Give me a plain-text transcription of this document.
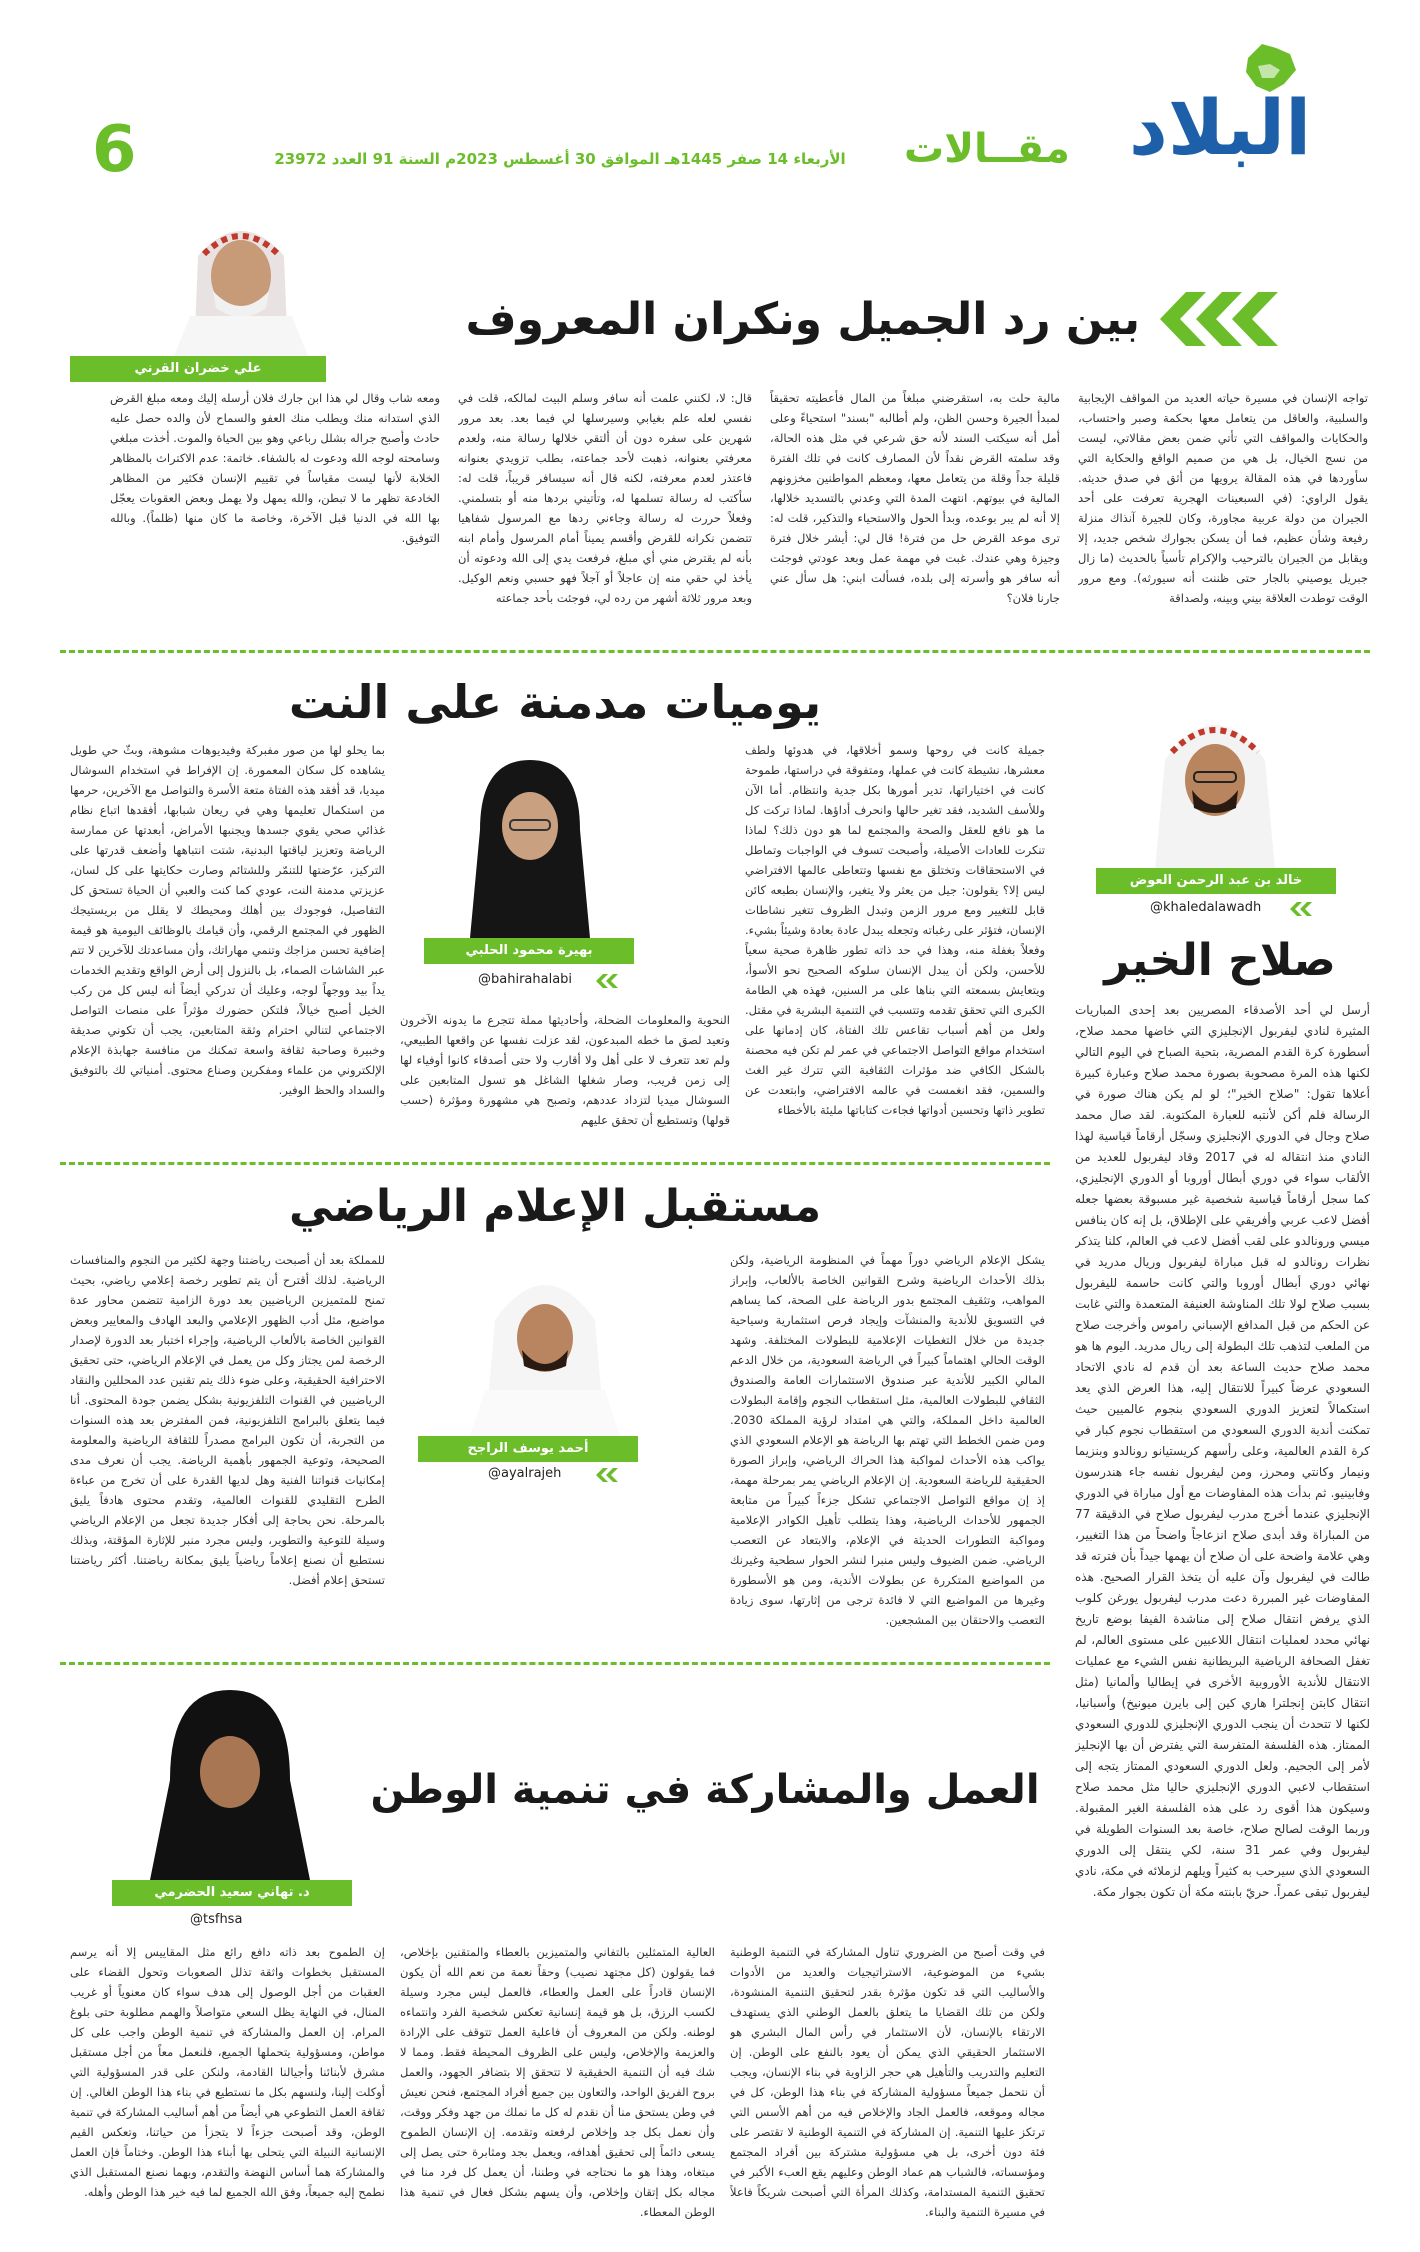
6	الأربعاء 14 صفر 1445هـ الموافق 30 أغسطس 2023م السنة 91 العدد 23972	مقــالات البلاد
علي خضران القرني
بين رد الجميل ونكران المعروف
تواجه الإنسان في مسيرة حياته العديد من المواقف الإيجابية والسلبية، والعاقل من يتعامل معها بحكمة وصبر واحتساب، والحكايات والمواقف التي تأتي ضمن بعض مقالاتي، ليست من نسج الخيال، بل هي من صميم الواقع والحكاية التي سأوردها في هذه المقالة يرويها من أثق في صدق حديثه. يقول الراوي: (في السبعينات الهجرية تعرفت على أحد الجيران من دولة عربية مجاورة، وكان للجيرة آنذاك منزلة رفيعة وشأن عظيم، فما أن يسكن بجوارك شخص جديد، إلا ويقابل من الجيران بالترحيب والإكرام تأسياً بالحديث (ما زال جبريل يوصيني بالجار حتى ظننت أنه سيورثه). ومع مرور الوقت توطدت العلاقة بيني وبينه، ولصداقة
مالية حلت به، استقرضني مبلغاً من المال فأعطيته تحقيقاً لمبدأ الجيرة وحسن الظن، ولم أطالبه "بسند" استحياءً وعلى أمل أنه سيكتب السند لأنه حق شرعي في مثل هذه الحالة، وقد سلمته القرض نقداً لأن المصارف كانت في تلك الفترة قليلة جداً وقلة من يتعامل معها، ومعظم المواطنين مخزونهم المالية في بيوتهم. انتهت المدة التي وعدني بالتسديد خلالها، إلا أنه لم يبر بوعده، وبدأ الحول والاستحياء والتذكير، قلت له: ترى موعد القرض حل من فترة! قال لي: أيشر خلال فترة وجيزة وهي عندك. غبت في مهمة عمل وبعد عودتي فوجئت أنه سافر هو وأسرته إلى بلده، فسألت ابني: هل سأل عني جارنا فلان؟
قال: لا، لكنني علمت أنه سافر وسلم البيت لمالكه، قلت في نفسي لعله علم بغيابي وسيرسلها لي فيما بعد. بعد مرور شهرين على سفره دون أن ألتقي خلالها رسالة منه، ولعدم معرفتي بعنوانه، ذهبت لأحد جماعته، بطلب تزويدي بعنوانه فاعتذر لعدم معرفته، لكنه قال أنه سيسافر قريباً، قلت له: سأكتب له رسالة تسلمها له، وتأتيني بردها منه أو بتسلمني. وفعلاً حررت له رسالة وجاءني ردها مع المرسول شفاهيا تتضمن نكرانه للقرض وأقسم يميناً أمام المرسول وأمام ابنه بأنه لم يقترض مني أي مبلغ، فرفعت يدي إلى الله ودعوته أن يأخذ لي حقي منه إن عاجلاً أو آجلاً فهو حسبي ونعم الوكيل. وبعد مرور ثلاثة أشهر من رده لي، فوجئت بأحد جماعته
ومعه شاب وقال لي هذا ابن جارك فلان أرسله إليك ومعه مبلغ القرض الذي استدانه منك ويطلب منك العفو والسماح لأن والده حصل عليه حادث وأصبح جراله بشلل رباعي وهو بين الحياة والموت. أخذت مبلغي وسامحته لوجه الله ودعوت له بالشفاء. خاتمة: عدم الاكتراث بالمظاهر الخلابة لأنها ليست مقياساً في تقييم الإنسان فكثير من المظاهر الخادعة تظهر ما لا تبطن، والله يمهل ولا يهمل وبعض العقوبات يعجّل بها الله في الدنيا قبل الآخرة، وخاصة ما كان منها (ظلماً). وبالله التوفيق.
يوميات مدمنة على النت
جميلة كانت في روحها وسمو أخلاقها، في هدوئها ولطف معشرها، نشيطة كانت في عملها، ومتفوقة في دراستها، طموحة كانت في اختياراتها، تدير أمورها بكل جدية وانتظام. أما الآن وللأسف الشديد، فقد تغير حالها وانحرف أداؤها. لماذا تركت كل ما هو نافع للعقل والصحة والمجتمع لما هو دون ذلك؟ لماذا تنكرت للعادات الأصيلة، وأصبحت تسوف في الواجبات وتماطل في الاستحقاقات وتختلق مع نفسها وتتعاطى عالمها الافتراضي ليس إلا؟ يقولون: جيل من يعثر ولا يتغير، والإنسان بطبعه كائن قابل للتغيير ومع مرور الزمن وتبدل الظروف تتغير نشاطات الإنسان، فتؤثر على رغباته وتجعله يبدل عادة بعادة وشيئاً بشيء. وفعلاً بغفلة منه، وهذا في حد ذاته تطور ظاهرة صحية سعياً للأحسن، ولكن أن يبدل الإنسان سلوكه الصحيح نحو الأسوأ، ويتعايش بسمعته التي بناها على مر السنين، فهذه هي الطامة الكبرى التي تحقق تقدمه وتتسبب في التنمية البشرية في مقتل. ولعل من أهم أسباب تقاعس تلك الفتاة، كان إدمانها على استخدام مواقع التواصل الاجتماعي في عمر لم تكن فيه محصنة بالشكل الكافي ضد مؤثرات الثقافية التي تترك غير الغث والسمين، فقد انغمست في عالمه الافتراضي، وابتعدت عن تطوير ذاتها وتحسين أدواتها فجاءت كتاباتها مليئة بالأخطاء
بهيرة محمود الحلبي
@bahirahalabi
النحوية والمعلومات الضحلة، وأحاديثها مملة تتجرع ما يدونه الآخرون وتعيد لصق ما خطه المبدعون، لقد عزلت نفسها عن واقعها الطبيعي، ولم تعد تتعرف لا على أهل ولا أقارب ولا حتى أصدقاء كانوا أوفياء لها إلى زمن قريب، وصار شغلها الشاغل هو تسول المتابعين على السوشال ميديا لتزداد عددهم، وتصبح هي مشهورة ومؤثرة (حسب قولها) وتستطيع أن تحقق عليهم
بما يحلو لها من صور مفبركة وفيديوهات مشوهة، وبثّ حي طويل يشاهده كل سكان المعمورة. إن الإفراط في استخدام السوشال ميديا، قد أفقد هذه الفتاة متعة الأسرة والتواصل مع الآخرين، حرمها من استكمال تعليمها وهي في ريعان شبابها، أفقدها اتباع نظام غذائي صحي يقوي جسدها ويجنبها الأمراض، أبعدتها عن ممارسة الرياضة وتعزيز لياقتها البدنية، شتت انتباهها وأضعف قدرتها على التركيز، عرّضتها للتنمّر وللشتائم وصارت حكايتها على كل لسان، عزيزتي مدمنة النت، عودي كما كنت والعبي أن الحياة تستحق كل التفاصيل، فوجودك بين أهلك ومحيطك لا يقلل من بريستيجك الظهور في المجتمع الرقمي، وأن قيامك بالوظائف اليومية هو قيمة إضافية تحسن مزاجك وتنمي مهاراتك، وأن مساعدتك للآخرين لا تتم عبر الشاشات الصماء، بل بالنزول إلى أرض الواقع وتقديم الخدمات يداً بيد ووجهاً لوجه، وعليك أن تدركي أيضاً أنه ليس كل من ركب الخيل أصبح خيالاً، فلتكن حضورك مؤثراً على منصات التواصل الاجتماعي لتنالي احترام وثقة المتابعين، يجب أن تكوني صديقة وخبيرة وصاحبة ثقافة واسعة تمكنك من منافسة جهابذة الإعلام الإلكتروني من علماء ومفكرين وصناع محتوى. أمنياتي لك بالتوفيق والسداد والحظ الوفير.
خالد بن عبد الرحمن العوض
@khaledalawadh
صلاح الخير
أرسل لي أحد الأصدقاء المصريين بعد إحدى المباريات المثيرة لنادي ليفربول الإنجليزي التي خاضها محمد صلاح، أسطورة كرة القدم المصرية، بتحية الصباح في اليوم التالي لكنها هذه المرة مصحوبة بصورة محمد صلاح وعبارة كبيرة أعلاها تقول: "صلاح الخير"؛ لو لم يكن هناك صورة في الرسالة فلم أكن لأنتبه للعبارة المكتوبة. لقد صال محمد صلاح وجال في الدوري الإنجليزي وسجّل أرقاماً قياسية لهذا النادي منذ انتقاله له في 2017 وقاد ليفربول للعديد من الألقاب سواء في دوري أبطال أوروبا أو الدوري الإنجليزي، كما سجل أرقاماً قياسية شخصية غير مسبوقة بعضها جعله أفضل لاعب عربي وأفريقي على الإطلاق، بل إنه كان ينافس ميسي ورونالدو على لقب أفضل لاعب في العالم، كلنا يتذكر نظرات رونالدو له قبل مباراة ليفربول وريال مدريد في نهائي دوري أبطال أوروبا والتي كانت حاسمة لليفربول بسبب صلاح لولا تلك المناوشة العنيفة المتعمدة والتي غابت عن الحكم من قبل المدافع الإسباني راموس وأخرجت صلاح من الملعب لتذهب تلك البطولة إلى ريال مدريد. اليوم ها هو محمد صلاح حديث الساعة بعد أن قدم له نادي الاتحاد السعودي عرضاً كبيراً للانتقال إليه، هذا العرض الذي يعد استكمالاً لتعزيز الدوري السعودي بنجوم عالميين حيث تمكنت أندية الدوري السعودي من استقطاب نجوم كبار في كرة القدم العالمية، وعلى رأسهم كريستيانو رونالدو وبنزيما ونيمار وكانتي ومحرز، ومن ليفربول نفسه جاء هندرسون وفابينيو. ثم بدأت هذه المفاوضات مع أول مباراة في الدوري الإنجليزي عندما أخرج مدرب ليفربول صلاح في الدقيقة 77 من المباراة وقد أبدى صلاح انزعاجاً واضحاً من هذا التغيير، وهي علامة واضحة على أن صلاح أن يهمها جيداً بأن فترته قد طالت في ليفربول وآن عليه أن يتخذ القرار الصحيح. هذه المفاوضات غير المبررة دعت مدرب ليفربول يورغن كلوب الذي يرفض انتقال صلاح إلى مناشدة الفيفا بوضع تاريخ نهائي محدد لعمليات انتقال اللاعبين على مستوى العالم، لم تغفل الصحافة الرياضية البريطانية نفس الشيء مع عمليات الانتقال للأندية الأوروبية الأخرى في إيطاليا وألمانيا (مثل انتقال كابتن إنجلترا هاري كين إلى بايرن ميونيخ) وأسبانيا، لكنها لا تتحدث أن ينجب الدوري الإنجليزي للدوري السعودي الممتاز. هذه الفلسفة المتفرسة التي يفترض أن بها الإنجليز لأمر إلى الجحيم. ولعل الدوري السعودي الممتاز يتجه إلى استقطاب لاعبي الدوري الإنجليزي حاليا مثل محمد صلاح وسيكون هذا أقوى رد على هذه الفلسفة الغير المقبولة. وربما الوقت لصالح صلاح، خاصة بعد السنوات الطويلة في ليفربول وفي عمر 31 سنة، لكي ينتقل إلى الدوري السعودي الذي سيرحب به كثيراً ويلهم لزملائه في مكة، نادي ليفربول تبقى عمراً. حريّ بابنته مكة أن تكون بجوار مكة.
مستقبل الإعلام الرياضي
يشكل الإعلام الرياضي دوراً مهماً في المنظومة الرياضية، ولكن بذلك الأحداث الرياضية وشرح القوانين الخاصة بالألعاب، وإبراز المواهب، وتثقيف المجتمع بدور الرياضة على الصحة، كما يساهم في التسويق للأندية والمنشآت وإيجاد فرص استثمارية وسياحية جديدة من خلال التغطيات الإعلامية للبطولات المختلفة. وشهد الوقت الحالي اهتماماً كبيراً في الرياضة السعودية، من خلال الدعم المالي الكبير للأندية عبر صندوق الاستثمارات العامة والصندوق الثقافي للبطولات العالمية، مثل استقطاب النجوم وإقامة البطولات العالمية داخل المملكة، والتي هي امتداد لرؤية المملكة 2030. ومن ضمن الخطط التي تهتم بها الرياضة هو الإعلام السعودي الذي يواكب هذه الأحداث لمواكبة هذا الحراك الرياضي، وإبراز الصورة الحقيقية للرياضة السعودية. إن الإعلام الرياضي يمر بمرحلة مهمة، إذ إن مواقع التواصل الاجتماعي تشكل جزءاً كبيراً من متابعة الجمهور للأحداث الرياضية، وهذا يتطلب تأهيل الكوادر الإعلامية ومواكبة التطورات الحديثة في الإعلام، والابتعاد عن التعصب الرياضي. ضمن الضيوف وليس منبرا لنشر الحوار سطحية وغيرنك من المواضيع المتكررة عن بطولات الأندية، ومن هو الأسطورة وغيرها من المواضيع التي لا فائدة ترجى من إثارتها، سوى زيادة التعصب والاحتقان بين المشجعين.
أحمد يوسف الراجح
@ayalrajeh
للمملكة بعد أن أصبحت رياضتنا وجهة لكثير من النجوم والمنافسات الرياضية. لذلك أقترح أن يتم تطوير رخصة إعلامي رياضي، بحيث تمنح للمتميزين الرياضيين بعد دورة الزامية تتضمن محاور عدة مواضيع، مثل أدب الظهور الإعلامي والبعد الهادف والمعايير وبعض القوانين الخاصة بالألعاب الرياضية، وإجراء اختبار بعد الدورة لإصدار الرخصة لمن يجتاز وكل من يعمل في الإعلام الرياضي، حتى تحقيق الاحترافية الحقيقية، وعلى ضوء ذلك يتم تقنين عدد المحللين والنقاد الرياضيين في القنوات التلفزيونية بشكل يضمن جودة المحتوى. أنا فيما يتعلق بالبرامج التلفزيونية، فمن المفترض بعد هذه السنوات من التجربة، أن تكون البرامج مصدراً للثقافة الرياضية والمعلومة الصحيحة، وتوعية الجمهور بأهمية الرياضة. يجب أن نعرف مدى إمكانيات قنواتنا الفنية وهل لديها القدرة على أن تخرج من عباءة الطرح التقليدي للقنوات العالمية، وتقدم محتوى هادفاً يليق بالمرحلة. نحن بحاجة إلى أفكار جديدة تجعل من الإعلام الرياضي وسيلة للتوعية والتطوير، وليس مجرد منبر للإثارة المؤقتة، وبذلك نستطيع أن نصنع إعلاماً رياضياً يليق بمكانة رياضتنا. أكثر رياضتنا تستحق إعلام أفضل.
د. تهاني سعيد الحضرمي
@tsfhsa
العمل والمشاركة في تنمية الوطن
في وقت أصبح من الضروري تناول المشاركة في التنمية الوطنية بشيء من الموضوعية، الاستراتيجيات والعديد من الأدوات والأساليب التي قد تكون مؤثرة بقدر لتحقيق التنمية المنشودة، ولكن من تلك القضايا ما يتعلق بالعمل الوطني الذي يستهدف الارتقاء بالإنسان، لأن الاستثمار في رأس المال البشري هو الاستثمار الحقيقي الذي يمكن أن يعود بالنفع على الوطن. إن التعليم والتدريب والتأهيل هي حجر الزاوية في بناء الإنسان، ويجب أن نتحمل جميعاً مسؤولية المشاركة في بناء هذا الوطن، كل في مجاله وموقعه، فالعمل الجاد والإخلاص فيه من أهم الأسس التي ترتكز عليها التنمية. إن المشاركة في التنمية الوطنية لا تقتصر على فئة دون أخرى، بل هي مسؤولية مشتركة بين أفراد المجتمع ومؤسساته، فالشباب هم عماد الوطن وعليهم يقع العبء الأكبر في تحقيق التنمية المستدامة، وكذلك المرأة التي أصبحت شريكاً فاعلاً في مسيرة التنمية والبناء.
العالية المتمثلين بالتفاني والمتميزين بالعطاء والمتقنين بإخلاص، فما يقولون (كل مجتهد نصيب) وحقاً نعمة من نعم الله أن يكون الإنسان قادراً على العمل والعطاء، فالعمل ليس مجرد وسيلة لكسب الرزق، بل هو قيمة إنسانية تعكس شخصية الفرد وانتماءه لوطنه. ولكن من المعروف أن فاعلية العمل تتوقف على الإرادة والعزيمة والإخلاص، وليس على الظروف المحيطة فقط. ومما لا شك فيه أن التنمية الحقيقية لا تتحقق إلا بتضافر الجهود، والعمل بروح الفريق الواحد، والتعاون بين جميع أفراد المجتمع، فنحن نعيش في وطن يستحق منا أن نقدم له كل ما نملك من جهد وفكر ووقت، وأن نعمل بكل جد وإخلاص لرفعته وتقدمه. إن الإنسان الطموح يسعى دائماً إلى تحقيق أهدافه، ويعمل بجد ومثابرة حتى يصل إلى مبتغاه، وهذا هو ما نحتاجه في وطننا، أن يعمل كل فرد منا في مجاله بكل إتقان وإخلاص، وأن يسهم بشكل فعال في تنمية هذا الوطن المعطاء.
إن الطموح بعد ذاته دافع رائع مثل المقاييس إلا أنه يرسم المستقبل بخطوات واثقة تذلل الصعوبات وتحول القضاء على العقبات من أجل الوصول إلى هدف سواء كان معنوياً أو غريب المنال، في النهاية يظل السعي متواصلاً والهمم مطلوبة حتى بلوغ المرام. إن العمل والمشاركة في تنمية الوطن واجب على كل مواطن، ومسؤولية يتحملها الجميع، فلنعمل معاً من أجل مستقبل مشرق لأبنائنا وأجيالنا القادمة، ولنكن على قدر المسؤولية التي أوكلت إلينا، ولنسهم بكل ما نستطيع في بناء هذا الوطن الغالي. إن ثقافة العمل التطوعي هي أيضاً من أهم أساليب المشاركة في تنمية الوطن، وقد أصبحت جزءاً لا يتجزأ من حياتنا، وتعكس القيم الإنسانية النبيلة التي يتحلى بها أبناء هذا الوطن. وختاماً فإن العمل والمشاركة هما أساس النهضة والتقدم، وبهما نصنع المستقبل الذي نطمح إليه جميعاً، وفق الله الجميع لما فيه خير هذا الوطن وأهله.
